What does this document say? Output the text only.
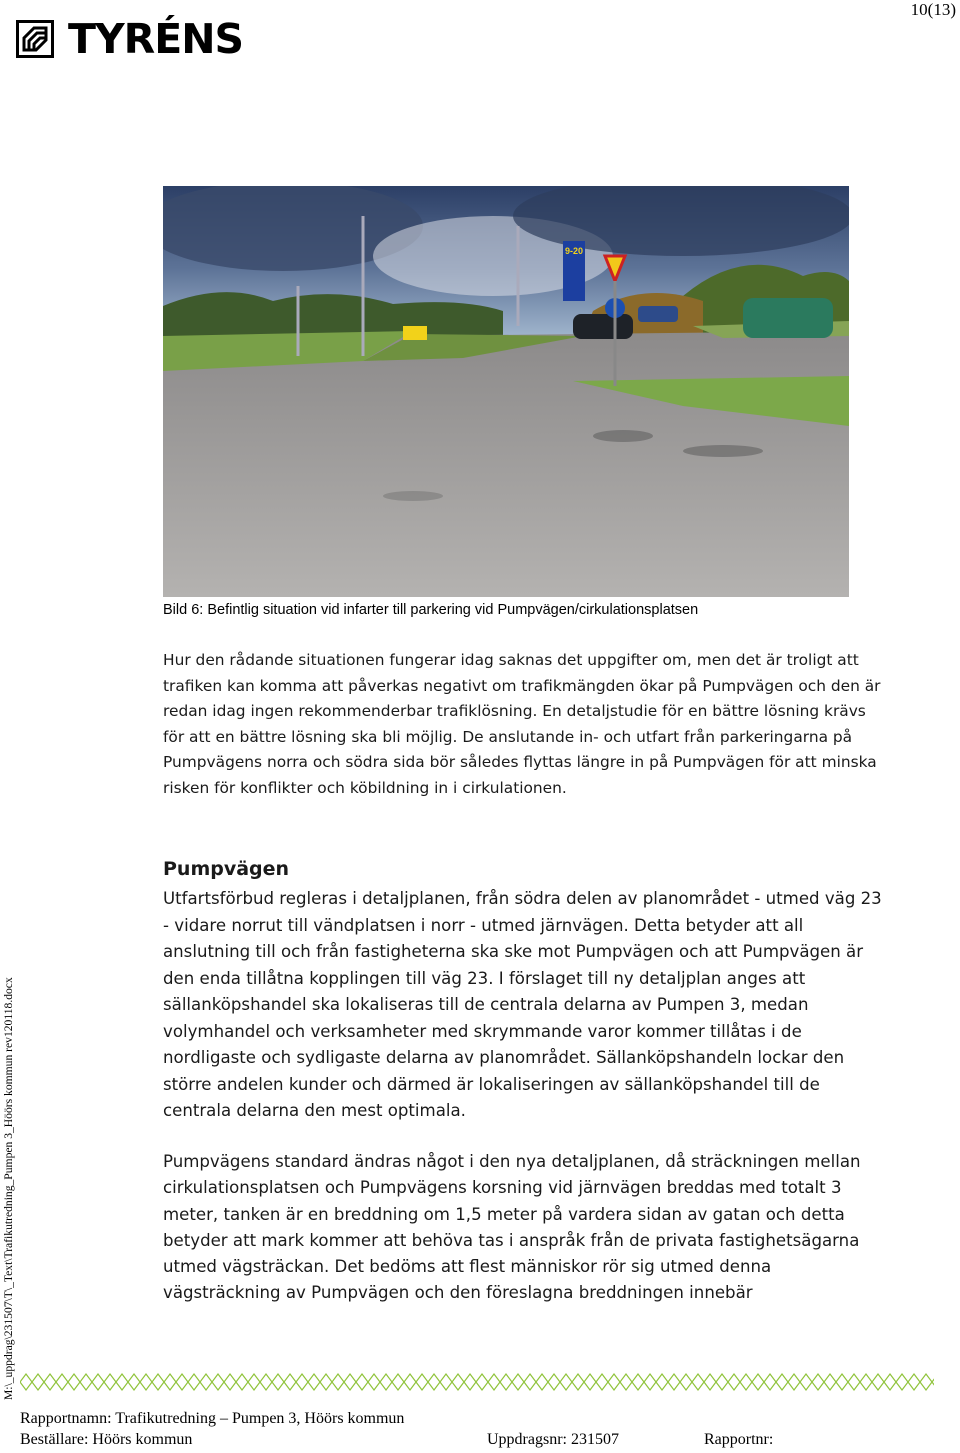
10(13)
TYRÉNS
9-20
Bild 6: Befintlig situation vid infarter till parkering vid Pumpvägen/cirkulationsplatsen

Hur den rådande situationen fungerar idag saknas det uppgifter om, men det är troligt att trafiken kan komma att påverkas negativt om trafikmängden ökar på Pumpvägen och den är redan idag ingen rekommenderbar trafiklösning. En detaljstudie för en bättre lösning krävs för att en bättre lösning ska bli möjlig. De anslutande in- och utfart från parkeringarna på Pumpvägens norra och södra sida bör således flyttas längre in på Pumpvägen för att minska risken för konflikter och köbildning in i cirkulationen.

Pumpvägen

Utfartsförbud regleras i detaljplanen, från södra delen av planområdet - utmed väg 23 - vidare norrut till vändplatsen i norr - utmed järnvägen. Detta betyder att all anslutning till och från fastigheterna ska ske mot Pumpvägen och att Pumpvägen är den enda tillåtna kopplingen till väg 23. I förslaget till ny detaljplan anges att sällanköpshandel ska lokaliseras till de centrala delarna av Pumpen 3, medan volymhandel och verksamheter med skrymmande varor kommer tillåtas i de nordligaste och sydligaste delarna av planområdet. Sällanköpshandeln lockar den större andelen kunder och därmed är lokaliseringen av sällanköpshandel till de centrala delarna den mest optimala.

Pumpvägens standard ändras något i den nya detaljplanen, då sträckningen mellan cirkulationsplatsen och Pumpvägens korsning vid järnvägen breddas med totalt 3 meter, tanken är en breddning om 1,5 meter på vardera sidan av gatan och detta betyder att mark kommer att behöva tas i anspråk från de privata fastighetsägarna utmed vägsträckan. Det bedöms att flest människor rör sig utmed denna vägsträckning av Pumpvägen och den föreslagna breddningen innebär

M:\_uppdrag\231507\T\_Text\Trafikutredning_Pumpen 3_Höörs kommun rev120118.docx
Rapportnamn: Trafikutredning – Pumpen 3, Höörs kommun
Beställare: Höörs kommun	Uppdragsnr: 231507	Rapportnr:
